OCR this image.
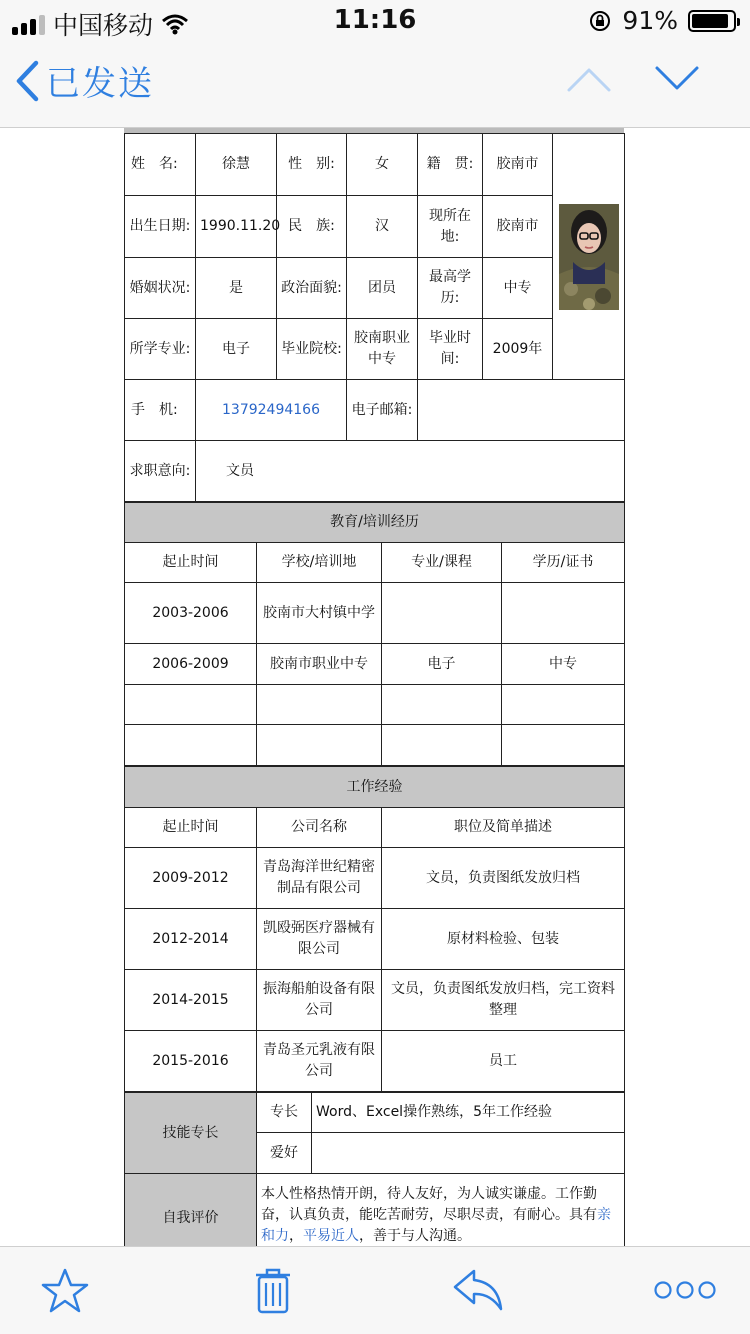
中国移动	11:16	91%
已发送
姓　名:	徐慧	性　别:	女	籍　贯:	胶南市	

出生日期:	1990.11.20	民　族:	汉	现所在地:	胶南市	
婚姻状况:	是	政治面貌:	团员	最高学历:	中专	
所学专业:	电子	毕业院校:	胶南职业中专	毕业时间:	2009年	
手　机:	13792494166		电子邮箱:			
求职意向:	文员					
教育/培训经历			
起止时间	学校/培训地	专业/课程	学历/证书
2003-2006	胶南市大村镇中学		
2006-2009	胶南市职业中专	电子	中专

工作经验		
起止时间	公司名称	职位及简单描述
2009-2012	青岛海洋世纪精密制品有限公司	文员，负责图纸发放归档
2012-2014	凯殴弼医疗器械有限公司	原材料检验、包装
2014-2015	振海船舶设备有限公司	文员，负责图纸发放归档，完工资料整理
2015-2016	青岛圣元乳液有限公司	员工
技能专长	专长	Word、Excel操作熟练，5年工作经验
	爱好	
自我评价	本人性格热情开朗，待人友好，为人诚实谦虚。工作勤奋，认真负责，能吃苦耐劳，尽职尽责，有耐心。具有亲和力，平易近人，善于与人沟通。	
